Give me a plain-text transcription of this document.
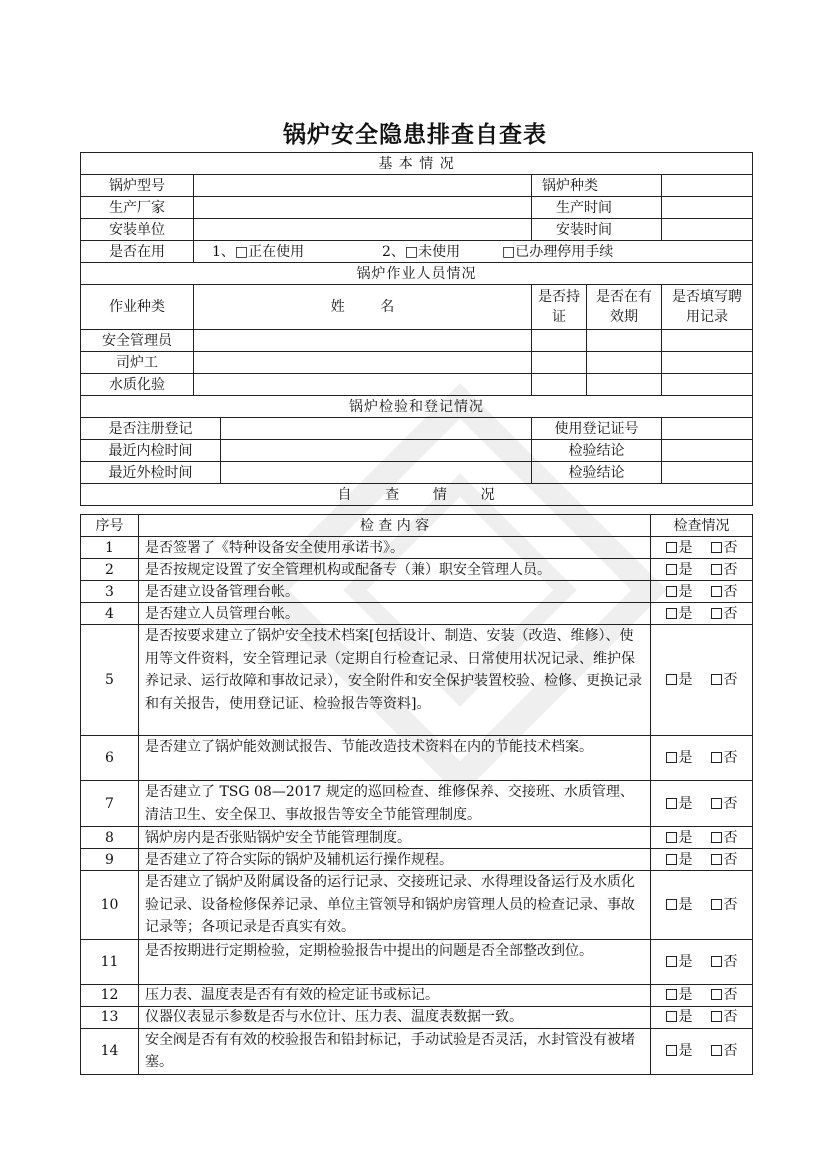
锅炉安全隐患排查自查表
基 本 情 况					
锅炉型号			锅炉种类		
生产厂家			生产时间		
安装单位			安装时间		
是否在用	1、□正在使用 2、□未使用 □已办理停用手续				
锅炉作业人员情况					
作业种类	姓        名		是否持证	是否在有效期	是否填写聘用记录
安全管理员					
司炉工					
水质化验					
锅炉检验和登记情况					
是否注册登记			使用登记证号		
最近内检时间			检验结论		
最近外检时间			检验结论		
自      查      情      况					
序号	检 查 内 容	检查情况
1	是否签署了《特种设备安全使用承诺书》。	是 否
2	是否按规定设置了安全管理机构或配备专（兼）职安全管理人员。	是 否
3	是否建立设备管理台帐。	是 否
4	是否建立人员管理台帐。	是 否
5	是否按要求建立了锅炉安全技术档案[包括设计、制造、安装（改造、维修）、使用等文件资料，安全管理记录（定期自行检查记录、日常使用状况记录、维护保养记录、运行故障和事故记录），安全附件和安全保护装置校验、检修、更换记录和有关报告，使用登记证、检验报告等资料]。	是 否
6	是否建立了锅炉能效测试报告、节能改造技术资料在内的节能技术档案。	是 否
7	是否建立了 TSG 08—2017 规定的巡回检查、维修保养、交接班、水质管理、清洁卫生、安全保卫、事故报告等安全节能管理制度。	是 否
8	锅炉房内是否张贴锅炉安全节能管理制度。	是 否
9	是否建立了符合实际的锅炉及辅机运行操作规程。	是 否
10	是否建立了锅炉及附属设备的运行记录、交接班记录、水得理设备运行及水质化验记录、设备检修保养记录、单位主管领导和锅炉房管理人员的检查记录、事故记录等；各项记录是否真实有效。	是 否
11	是否按期进行定期检验，定期检验报告中提出的问题是否全部整改到位。	是 否
12	压力表、温度表是否有有效的检定证书或标记。	是 否
13	仪器仪表显示参数是否与水位计、压力表、温度表数据一致。	是 否
14	安全阀是否有有效的校验报告和铅封标记，手动试验是否灵活，水封管没有被堵塞。	是 否
